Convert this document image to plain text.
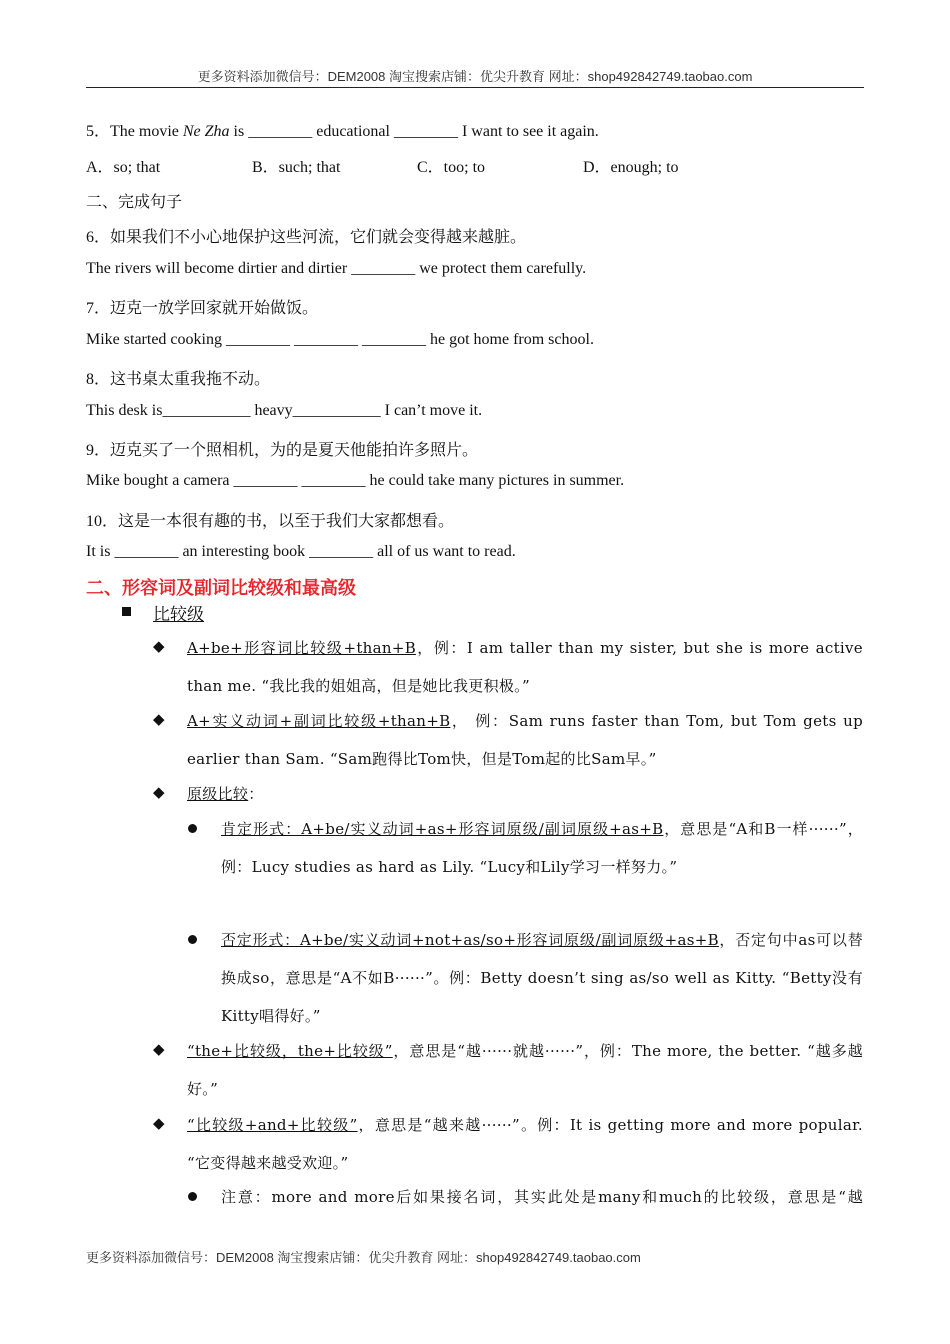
更多资料添加微信号：DEM2008 淘宝搜索店铺：优尖升教育 网址：shop492842749.taobao.com
5．The movie Ne Zha is ________ educational ________ I want to see it again.
A．so; that	B．such; that	C．too; to	D．enough; to
二、完成句子
6．如果我们不小心地保护这些河流，它们就会变得越来越脏。
The rivers will become dirtier and dirtier ________ we protect them carefully.
7．迈克一放学回家就开始做饭。
Mike started cooking ________ ________ ________ he got home from school.
8．这书桌太重我拖不动。
This desk is___________ heavy___________ I can’t move it.
9．迈克买了一个照相机，为的是夏天他能拍许多照片。
Mike bought a camera ________ ________ he could take many pictures in summer.
10．这是一本很有趣的书，以至于我们大家都想看。
It is ________ an interesting book ________ all of us want to read.
二、形容词及副词比较级和最高级
比较级
◆ A+be+形容词比较级+than+B，例：I am taller than my sister, but she is more active than me. “我比我的姐姐高，但是她比我更积极。”
◆ A+实义动词+副词比较级+than+B， 例：Sam runs faster than Tom, but Tom gets up earlier than Sam. “Sam跑得比Tom快，但是Tom起的比Sam早。”
◆ 原级比较：
肯定形式：A+be/实义动词+as+形容词原级/副词原级+as+B，意思是“A和B一样······”，例：Lucy studies as hard as Lily. “Lucy和Lily学习一样努力。”
否定形式：A+be/实义动词+not+as/so+形容词原级/副词原级+as+B，否定句中as可以替换成so，意思是“A不如B······”。例：Betty doesn’t sing as/so well as Kitty. “Betty没有Kitty唱得好。”
◆ “the+比较级，the+比较级”，意思是“越······就越······”，例：The more, the better. “越多越好。”
◆ “比较级+and+比较级”，意思是“越来越······”。例：It is getting more and more popular. “它变得越来越受欢迎。”
注意：more and more后如果接名词，其实此处是many和much的比较级，意思是“越
更多资料添加微信号：DEM2008 淘宝搜索店铺：优尖升教育 网址：shop492842749.taobao.com
